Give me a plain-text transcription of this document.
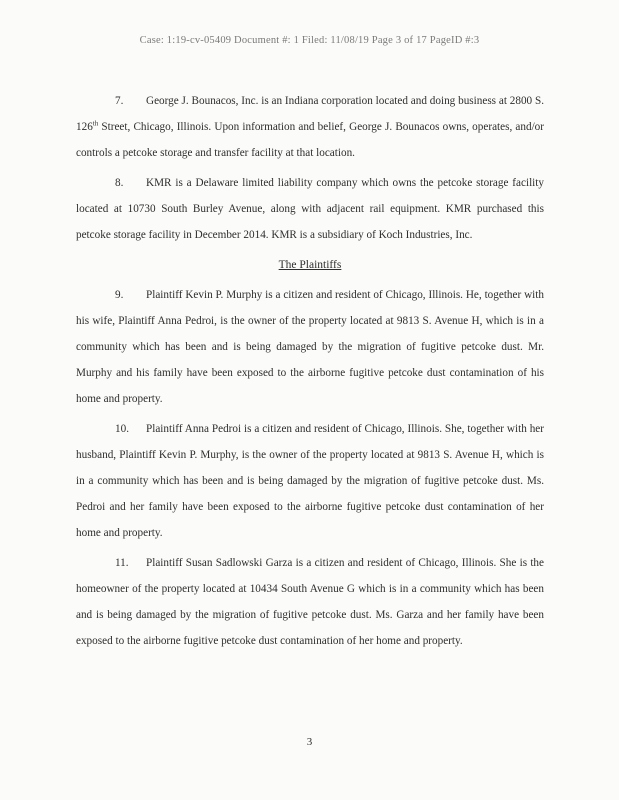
Case: 1:19-cv-05409 Document #: 1 Filed: 11/08/19 Page 3 of 17 PageID #:3

7. George J. Bounacos, Inc. is an Indiana corporation located and doing business at 2800 S. 126th Street, Chicago, Illinois. Upon information and belief, George J. Bounacos owns, operates, and/or controls a petcoke storage and transfer facility at that location.

8. KMR is a Delaware limited liability company which owns the petcoke storage facility located at 10730 South Burley Avenue, along with adjacent rail equipment. KMR purchased this petcoke storage facility in December 2014. KMR is a subsidiary of Koch Industries, Inc.

The Plaintiffs

9. Plaintiff Kevin P. Murphy is a citizen and resident of Chicago, Illinois. He, together with his wife, Plaintiff Anna Pedroi, is the owner of the property located at 9813 S. Avenue H, which is in a community which has been and is being damaged by the migration of fugitive petcoke dust. Mr. Murphy and his family have been exposed to the airborne fugitive petcoke dust contamination of his home and property.

10. Plaintiff Anna Pedroi is a citizen and resident of Chicago, Illinois. She, together with her husband, Plaintiff Kevin P. Murphy, is the owner of the property located at 9813 S. Avenue H, which is in a community which has been and is being damaged by the migration of fugitive petcoke dust. Ms. Pedroi and her family have been exposed to the airborne fugitive petcoke dust contamination of her home and property.

11. Plaintiff Susan Sadlowski Garza is a citizen and resident of Chicago, Illinois. She is the homeowner of the property located at 10434 South Avenue G which is in a community which has been and is being damaged by the migration of fugitive petcoke dust. Ms. Garza and her family have been exposed to the airborne fugitive petcoke dust contamination of her home and property.

3
